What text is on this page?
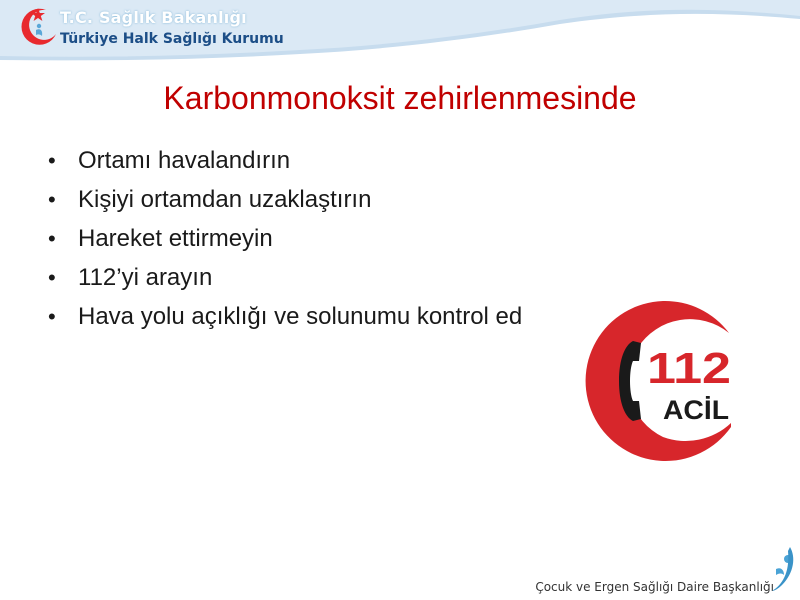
T.C. Sağlık Bakanlığı
Türkiye Halk Sağlığı Kurumu
Karbonmonoksit zehirlenmesinde
• Ortamı havalandırın
• Kişiyi ortamdan uzaklaştırın
• Hareket ettirmeyin
• 112’yi arayın
• Hava yolu açıklığı ve solunumu kontrol ed
112
ACİL
Çocuk ve Ergen Sağlığı Daire Başkanlığı
